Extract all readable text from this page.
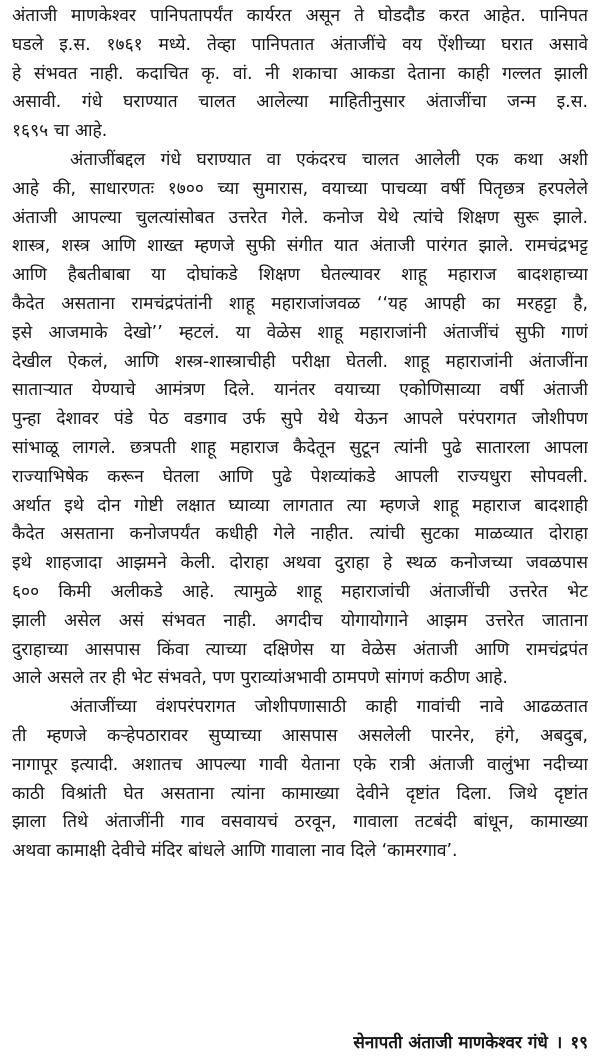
अंताजी माणकेश्वर पानिपतापर्यंत कार्यरत असून ते घोडदौड करत आहेत. पानिपत
घडले इ.स. १७६१ मध्ये. तेव्हा पानिपतात अंताजींचे वय ऐंशीच्या घरात असावे
हे संभवत नाही. कदाचित कृ. वां. नी शकाचा आकडा देताना काही गल्लत झाली
असावी. गंधे घराण्यात चालत आलेल्या माहितीनुसार अंताजींचा जन्म इ.स.
१६९५ चा आहे.
अंताजींबद्दल गंधे घराण्यात वा एकंदरच चालत आलेली एक कथा अशी
आहे की, साधारणतः १७०० च्या सुमारास, वयाच्या पाचव्या वर्षी पितृछत्र हरपलेले
अंताजी आपल्या चुलत्यांसोबत उत्तरेत गेले. कनोज येथे त्यांचे शिक्षण सुरू झाले.
शास्त्र, शस्त्र आणि शाख्त म्हणजे सुफी संगीत यात अंताजी पारंगत झाले. रामचंद्रभट्ट
आणि हैबतीबाबा या दोघांकडे शिक्षण घेतल्यावर शाहू महाराज बादशहाच्या
कैदेत असताना रामचंद्रपंतांनी शाहू महाराजांजवळ ‘‘यह आपही का मरहट्टा है,
इसे आजमाके देखो’’ म्हटलं. या वेळेस शाहू महाराजांनी अंताजींचं सुफी गाणं
देखील ऐकलं, आणि शस्त्र-शास्त्राचीही परीक्षा घेतली. शाहू महाराजांनी अंताजींना
साताऱ्यात येण्याचे आमंत्रण दिले. यानंतर वयाच्या एकोणिसाव्या वर्षी अंताजी
पुन्हा देशावर पंडे पेठ वडगाव उर्फ सुपे येथे येऊन आपले परंपरागत जोशीपण
सांभाळू लागले. छत्रपती शाहू महाराज कैदेतून सुटून त्यांनी पुढे सातारला आपला
राज्याभिषेक करून घेतला आणि पुढे पेशव्यांकडे आपली राज्यधुरा सोपवली.
अर्थात इथे दोन गोष्टी लक्षात घ्याव्या लागतात त्या म्हणजे शाहू महाराज बादशाही
कैदेत असताना कनोजपर्यंत कधीही गेले नाहीत. त्यांची सुटका माळव्यात दोराहा
इथे शाहजादा आझमने केली. दोराहा अथवा दुराहा हे स्थळ कनोजच्या जवळपास
६०० किमी अलीकडे आहे. त्यामुळे शाहू महाराजांची अंताजींची उत्तरेत भेट
झाली असेल असं संभवत नाही. अगदीच योगायोगाने आझम उत्तरेत जाताना
दुराहाच्या आसपास किंवा त्याच्या दक्षिणेस या वेळेस अंताजी आणि रामचंद्रपंत
आले असले तर ही भेट संभवते, पण पुराव्यांअभावी ठामपणे सांगणं कठीण आहे.
अंताजींच्या वंशपरंपरागत जोशीपणासाठी काही गावांची नावे आढळतात
ती म्हणजे कऱ्हेपठारावर सुप्याच्या आसपास असलेली पारनेर, हंगे, अबदुब,
नागापूर इत्यादी. अशातच आपल्या गावी येताना एके रात्री अंताजी वालुंभा नदीच्या
काठी विश्रांती घेत असताना त्यांना कामाख्या देवीने दृष्टांत दिला. जिथे दृष्टांत
झाला तिथे अंताजींनी गाव वसवायचं ठरवून, गावाला तटबंदी बांधून, कामाख्या
अथवा कामाक्षी देवीचे मंदिर बांधले आणि गावाला नाव दिले ‘कामरगाव’.
सेनापती अंताजी माणकेश्वर गंधे । १९
